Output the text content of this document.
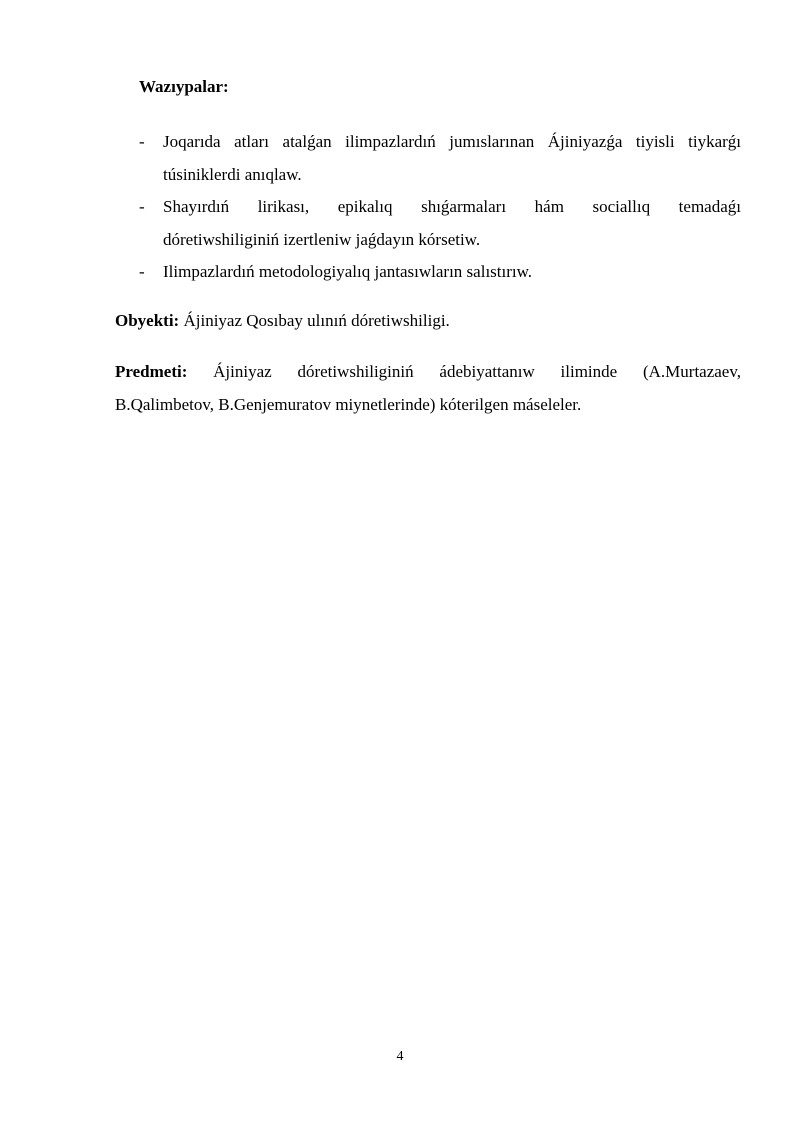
Wazıypalar:
- Joqarıda atları atalǵan ilimpazlardıń jumıslarınan Ájiniyazǵa tiyisli tiykarǵı
túsiniklerdi anıqlaw.
- Shayırdıń lirikası, epikalıq shıǵarmaları hám sociallıq temadaǵı
dóretiwshiliginiń izertleniw jaǵdayın kórsetiw.
- Ilimpazlardıń metodologiyalıq jantasıwların salıstırıw.

Obyekti: Ájiniyaz Qosıbay ulınıń dóretiwshiligi.

Predmeti: Ájiniyaz dóretiwshiliginiń ádebiyattanıw iliminde (A.Murtazaev,
B.Qalimbetov, B.Genjemuratov miynetlerinde) kóterilgen máseleler.

4
